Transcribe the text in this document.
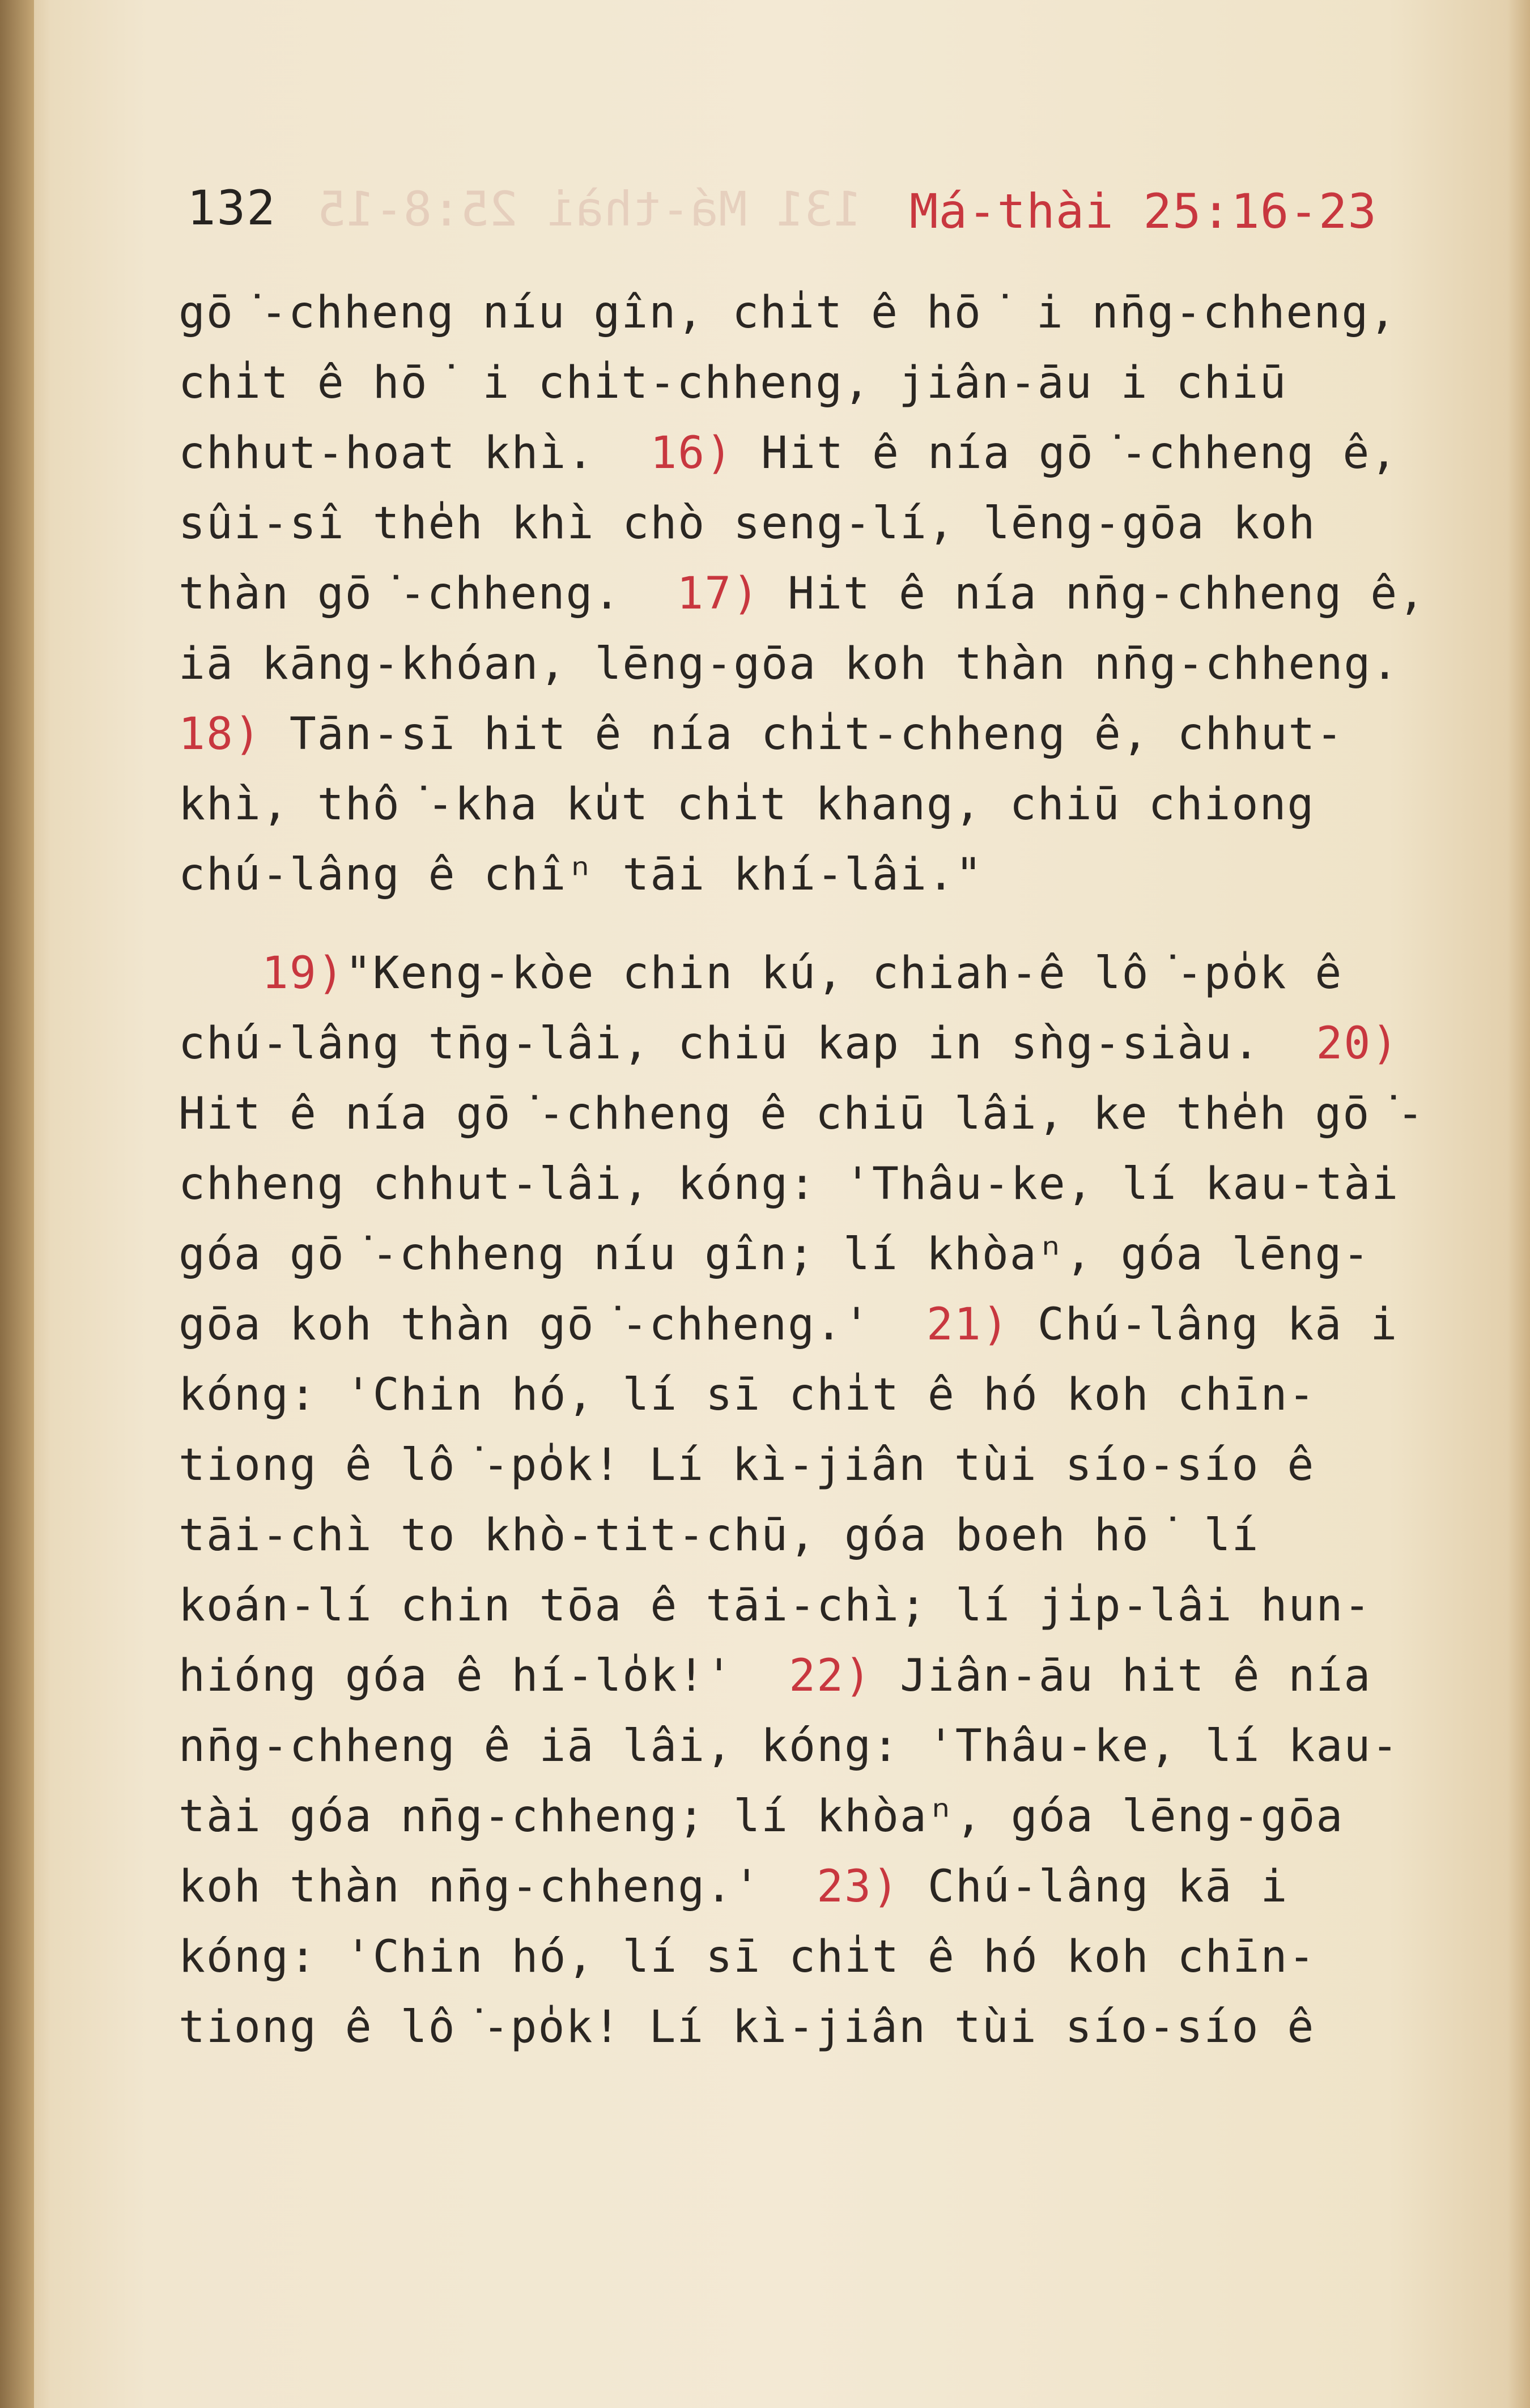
131 Má-thài 25:8-15
132	Má-thài 25:16-23
gō͘-chheng níu gîn, chi̍t ê hō͘ i nn̄g-chheng,
chi̍t ê hō͘ i chi̍t-chheng, jiân-āu i chiū
chhut-hoat khì.  16) Hit ê nía gō͘-chheng ê,
sûi-sî the̍h khì chò seng-lí, lēng-gōa koh
thàn gō͘-chheng.  17) Hit ê nía nn̄g-chheng ê,
iā kāng-khóan, lēng-gōa koh thàn nn̄g-chheng.
18) Tān-sī hit ê nía chi̍t-chheng ê, chhut-
khì, thô͘-kha ku̍t chi̍t khang, chiū chiong
chú-lâng ê chîⁿ tāi khí-lâi."
19)"Keng-kòe chin kú, chiah-ê lô͘-po̍k ê
chú-lâng tn̄g-lâi, chiū kap in sǹg-siàu.  20)
Hit ê nía gō͘-chheng ê chiū lâi, ke the̍h gō͘-
chheng chhut-lâi, kóng: 'Thâu-ke, lí kau-tài
góa gō͘-chheng níu gîn; lí khòaⁿ, góa lēng-
gōa koh thàn gō͘-chheng.'  21) Chú-lâng kā i
kóng: 'Chin hó, lí sī chi̍t ê hó koh chīn-
tiong ê lô͘-po̍k! Lí kì-jiân tùi sío-sío ê
tāi-chì to khò-tit-chū, góa boeh hō͘ lí
koán-lí chin tōa ê tāi-chì; lí ji̍p-lâi hun-
hióng góa ê hí-lo̍k!'  22) Jiân-āu hit ê nía
nn̄g-chheng ê iā lâi, kóng: 'Thâu-ke, lí kau-
tài góa nn̄g-chheng; lí khòaⁿ, góa lēng-gōa
koh thàn nn̄g-chheng.'  23) Chú-lâng kā i
kóng: 'Chin hó, lí sī chi̍t ê hó koh chīn-
tiong ê lô͘-po̍k! Lí kì-jiân tùi sío-sío ê
